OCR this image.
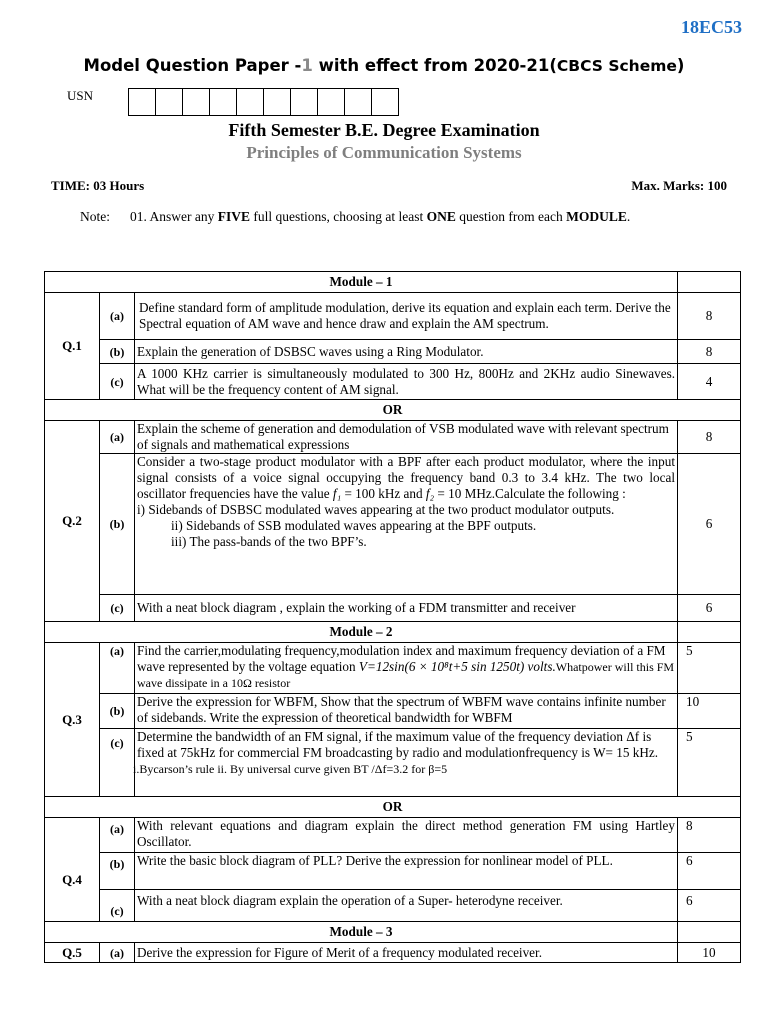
18EC53
Model Question Paper -1 with effect from 2020-21(CBCS Scheme)
USN
Fifth Semester B.E. Degree Examination
Principles of Communication Systems
TIME: 03 Hours	Max. Marks: 100
Note: 01. Answer any FIVE full questions, choosing at least ONE question from each MODULE.
Module – 1			
Q.1	(a)	Define standard form of amplitude modulation, derive its equation and explain each term. Derive the Spectral equation of AM wave and hence draw and explain the AM spectrum.	8
	(b)	Explain the generation of DSBSC waves using a Ring Modulator.	8
	(c)	A 1000 KHz carrier is simultaneously modulated to 300 Hz, 800Hz and 2KHz audio Sinewaves. What will be the frequency content of AM signal.	4
OR			
Q.2	(a)	Explain the scheme of generation and demodulation of VSB modulated wave with relevant spectrum of signals and mathematical expressions	8
	(b)	Consider a two-stage product modulator with a BPF after each product modulator, where the input signal consists of a voice signal occupying the frequency band 0.3 to 3.4 kHz. The two local oscillator frequencies have the value f₁ = 100 kHz and f₂ = 10 MHz.Calculate the following :
i) Sidebands of DSBSC modulated waves appearing at the two product modulator outputs.
ii) Sidebands of SSB modulated waves appearing at the BPF outputs.
iii) The pass-bands of the two BPF’s.	6
	(c)	With a neat block diagram , explain the working of a FDM transmitter and receiver	6
Module – 2			
Q.3	(a)	Find the carrier,modulating frequency,modulation index and maximum frequency deviation of a FM wave represented by the voltage equation V=12sin(6 × 10⁸t+5 sin 1250t) volts.Whatpower will this FM wave dissipate in a 10Ω resistor	5
	(b)	Derive the expression for WBFM, Show that the spectrum of WBFM wave contains infinite number of sidebands. Write the expression of theoretical bandwidth for WBFM	10
	(c)	Determine the bandwidth of an FM signal, if the maximum value of the frequency deviation Δf is fixed at 75kHz for commercial FM broadcasting by radio and modulationfrequency is W= 15 kHz.
i.Bycarson’s rule ii. By universal curve given BT /Δf=3.2 for β=5	5
OR			
Q.4	(a)	With relevant equations and diagram explain the direct method generation FM using Hartley Oscillator.	8
	(b)	Write the basic block diagram of PLL? Derive the expression for nonlinear model of PLL.	6
	(c)	With a neat block diagram explain the operation of a Super- heterodyne receiver.	6
Module – 3			
Q.5	(a)	Derive the expression for Figure of Merit of a frequency modulated receiver.	10
